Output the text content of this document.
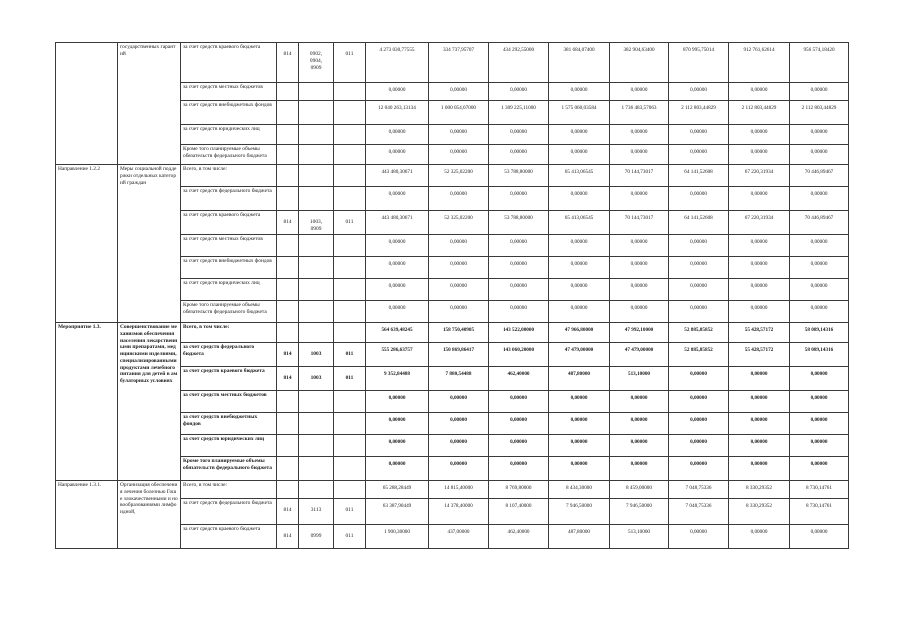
	государственных гарантий	за счет средств краевого бюджета	814	0902,
0904,
0909	011	4 273 030,77555	334 737,95707	434 292,55000	381 684,07400	382 904,63400	870 995,75014	912 761,62614	956 574,18420
		за счет средств местных бюджетов				0,00000	0,00000	0,00000	0,00000	0,00000	0,00000	0,00000	0,00000
		за счет средств внебюджетных фондов				12 040 263,13134	1 000 054,07000	1 309 225,11000	1 575 060,03584	1 736 483,57063	2 112 803,44829	2 112 803,44829	2 112 803,44829
		за счет средств юридических лиц				0,00000	0,00000	0,00000	0,00000	0,00000	0,00000	0,00000	0,00000
		Кроме того планируемые объемы обязательств федерального бюджета				0,00000	0,00000	0,00000	0,00000	0,00000	0,00000	0,00000	0,00000
Направление 1.2.2	Меры социальной поддержки отдельных категорий граждан	Всего, в том числе:				443 480,30671	52 325,02200	53 788,80000	65 413,06545	70 144,73017	64 141,52608	67 220,31934	70 446,89467
		за счет средств федерального бюджета				0,00000	0,00000	0,00000	0,00000	0,00000	0,00000	0,00000	0,00000
		за счет средств краевого бюджета	814	1003,
0909	011	443 480,30671	52 325,02200	53 788,80000	65 413,06545	70 144,73017	64 141,52608	67 220,31934	70 446,89467
		за счет средств местных бюджетов				0,00000	0,00000	0,00000	0,00000	0,00000	0,00000	0,00000	0,00000
		за счет средств внебюджетных фондов				0,00000	0,00000	0,00000	0,00000	0,00000	0,00000	0,00000	0,00000
		за счет средств юридических лиц				0,00000	0,00000	0,00000	0,00000	0,00000	0,00000	0,00000	0,00000
		Кроме того планируемые объемы обязательств федерального бюджета				0,00000	0,00000	0,00000	0,00000	0,00000	0,00000	0,00000	0,00000
Мероприятие 1.3.	Совершенствование механизмов обеспечения населения лекарственными препаратами, медицинскими изделиями, специализированными продуктами лечебного питания для детей в амбулаторных условиях	Всего, в том числе:				564 639,48245	158 750,40905	143 522,00000	47 966,80000	47 992,10000	52 885,85852	55 428,57172	58 089,14316
		за счет средств федерального бюджета	814	1003	011	555 286,63757	150 869,86417	143 060,20000	47 479,00000	47 479,00000	52 885,85852	55 428,57172	58 089,14316
		за счет средств краевого бюджета	814	1003	011	9 352,84488	7 880,54488	462,40000	487,80000	513,10000	0,00000	0,00000	0,00000
		за счет средств местных бюджетов				0,00000	0,00000	0,00000	0,00000	0,00000	0,00000	0,00000	0,00000
		за счет средств внебюджетных фондов				0,00000	0,00000	0,00000	0,00000	0,00000	0,00000	0,00000	0,00000
		за счет средств юридических лиц				0,00000	0,00000	0,00000	0,00000	0,00000	0,00000	0,00000	0,00000
		Кроме того планируемые объемы обязательств федерального бюджета				0,00000	0,00000	0,00000	0,00000	0,00000	0,00000	0,00000	0,00000
Направление 1.3.1.	Организация обеспечения лечения болезнью Гоше злокачественными и новообразованиями лимфоидной,	Всего, в том числе:				65 288,28449	14 815,40000	8 769,80000	8 434,30000	8 459,00000	7 048,75336	8 330,29352	8 730,14761
		за счет средств федерального бюджета	814	3113	011	63 387,90449	14 378,40000	8 107,40000	7 946,50000	7 946,50000	7 048,75336	8 330,29352	8 730,14761
		за счет средств краевого бюджета	814	0999	011	1 900,30000	437,00000	462,40000	487,80000	513,10000	0,00000	0,00000	0,00000
